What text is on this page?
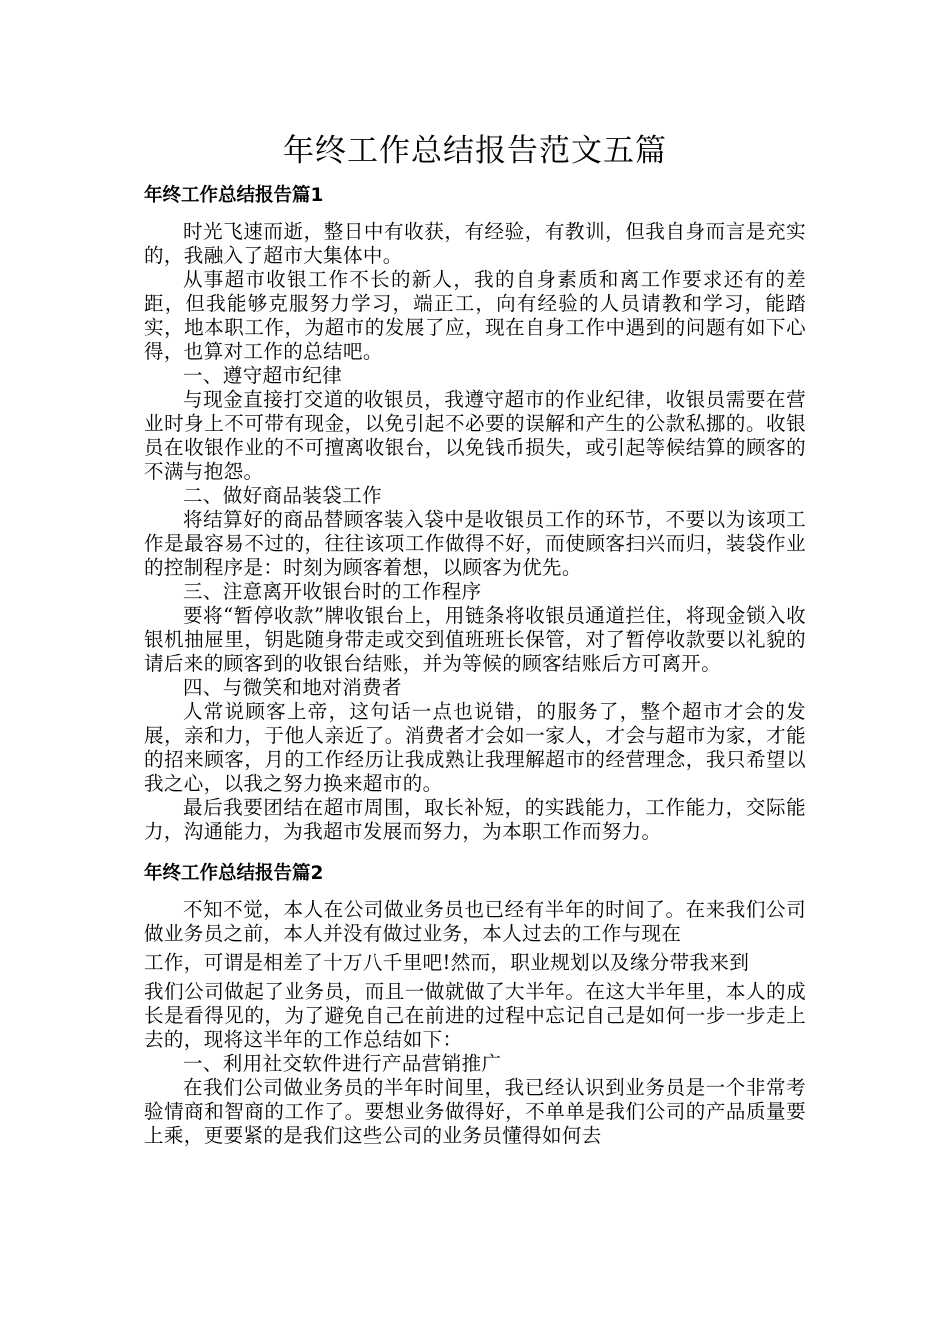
年终工作总结报告范文五篇
年终工作总结报告篇1

时光飞速而逝，整日中有收获，有经验，有教训，但我自身而言是充实的，我融入了超市大集体中。

从事超市收银工作不长的新人，我的自身素质和离工作要求还有的差距，但我能够克服努力学习，端正工，向有经验的人员请教和学习，能踏实，地本职工作，为超市的发展了应，现在自身工作中遇到的问题有如下心得，也算对工作的总结吧。

一、遵守超市纪律

与现金直接打交道的收银员，我遵守超市的作业纪律，收银员需要在营业时身上不可带有现金，以免引起不必要的误解和产生的公款私挪的。收银员在收银作业的不可擅离收银台，以免钱币损失，或引起等候结算的顾客的不满与抱怨。

二、做好商品装袋工作

将结算好的商品替顾客装入袋中是收银员工作的环节，不要以为该项工作是最容易不过的，往往该项工作做得不好，而使顾客扫兴而归，装袋作业的控制程序是：时刻为顾客着想，以顾客为优先。

三、注意离开收银台时的工作程序

要将“暂停收款”牌收银台上，用链条将收银员通道拦住，将现金锁入收银机抽屉里，钥匙随身带走或交到值班班长保管，对了暂停收款要以礼貌的请后来的顾客到的收银台结账，并为等候的顾客结账后方可离开。

四、与微笑和地对消费者

人常说顾客上帝，这句话一点也说错，的服务了，整个超市才会的发展，亲和力，于他人亲近了。消费者才会如一家人，才会与超市为家，才能的招来顾客，月的工作经历让我成熟让我理解超市的经营理念，我只希望以我之心，以我之努力换来超市的。

最后我要团结在超市周围，取长补短，的实践能力，工作能力，交际能力，沟通能力，为我超市发展而努力，为本职工作而努力。

年终工作总结报告篇2

不知不觉，本人在公司做业务员也已经有半年的时间了。在来我们公司做业务员之前，本人并没有做过业务，本人过去的工作与现在

工作，可谓是相差了十万八千里吧!然而，职业规划以及缘分带我来到

我们公司做起了业务员，而且一做就做了大半年。在这大半年里，本人的成长是看得见的，为了避免自己在前进的过程中忘记自己是如何一步一步走上去的，现将这半年的工作总结如下：

一、利用社交软件进行产品营销推广

在我们公司做业务员的半年时间里，我已经认识到业务员是一个非常考验情商和智商的工作了。要想业务做得好，不单单是我们公司的产品质量要上乘，更要紧的是我们这些公司的业务员懂得如何去
